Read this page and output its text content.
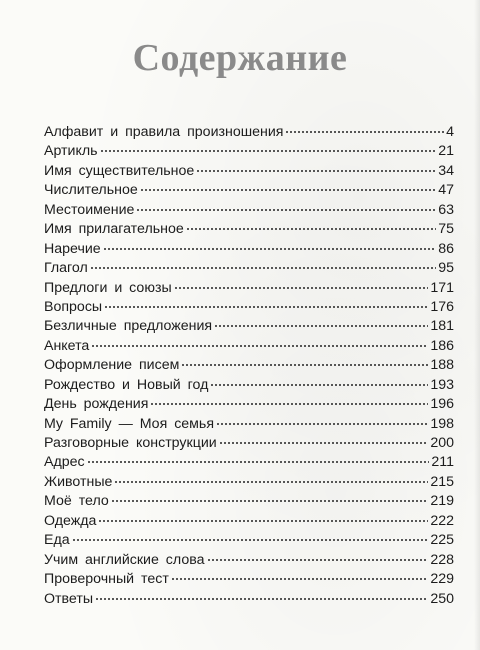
Содержание
Алфавит и правила произношения	4
Артикль	21
Имя существительное	34
Числительное	47
Местоимение	63
Имя прилагательное	75
Наречие	86
Глагол	95
Предлоги и союзы	171
Вопросы	176
Безличные предложения	181
Анкета	186
Оформление писем	188
Рождество и Новый год	193
День рождения	196
My Family — Моя семья	198
Разговорные конструкции	200
Адрес	211
Животные	215
Моё тело	219
Одежда	222
Еда	225
Учим английские слова	228
Проверочный тест	229
Ответы	250
